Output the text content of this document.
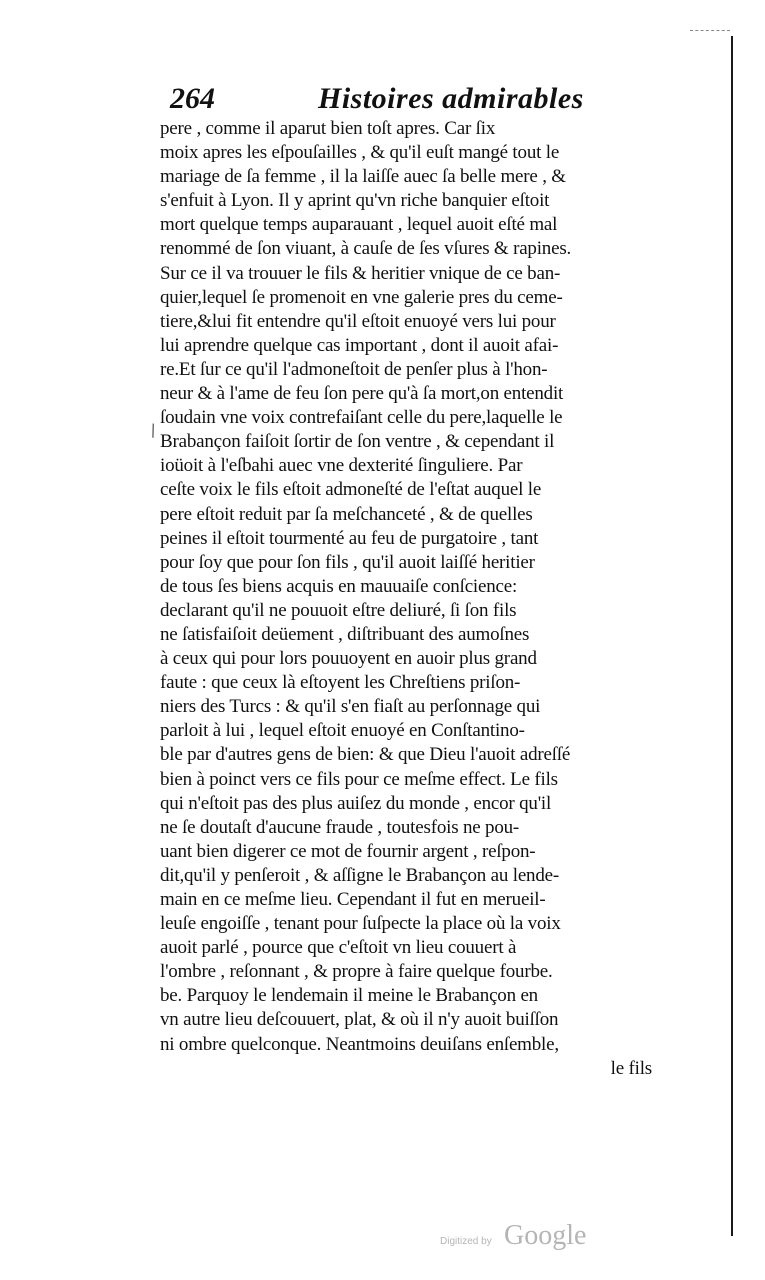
264	Histoires admirables
\
pere , comme il aparut bien toſt apres. Car ſix
moix apres les eſpouſailles , & qu'il euſt mangé tout le
mariage de ſa femme , il la laiſſe auec ſa belle mere , &
s'enfuit à Lyon. Il y aprint qu'vn riche banquier eſtoit
mort quelque temps auparauant , lequel auoit eſté mal
renommé de ſon viuant, à cauſe de ſes vſures & rapines.
Sur ce il va trouuer le fils & heritier vnique de ce ban-
quier,lequel ſe promenoit en vne galerie pres du ceme-
tiere,&lui fit entendre qu'il eſtoit enuoyé vers lui pour
lui aprendre quelque cas important , dont il auoit afai-
re.Et ſur ce qu'il l'admoneſtoit de penſer plus à l'hon-
neur & à l'ame de feu ſon pere qu'à ſa mort,on entendit
ſoudain vne voix contrefaiſant celle du pere,laquelle le
Brabançon faiſoit ſortir de ſon ventre , & cependant il
ioüoit à l'eſbahi auec vne dexterité ſinguliere. Par
ceſte voix le fils eſtoit admoneſté de l'eſtat auquel le
pere eſtoit reduit par ſa meſchanceté , & de quelles
peines il eſtoit tourmenté au feu de purgatoire , tant
pour ſoy que pour ſon fils , qu'il auoit laiſſé heritier
de tous ſes biens acquis en mauuaiſe conſcience:
declarant qu'il ne pouuoit eſtre deliuré, ſi ſon fils
ne ſatisfaiſoit deüement , diſtribuant des aumoſnes
à ceux qui pour lors pouuoyent en auoir plus grand
faute : que ceux là eſtoyent les Chreſtiens priſon-
niers des Turcs : & qu'il s'en fiaſt au perſonnage qui
parloit à lui , lequel eſtoit enuoyé en Conſtantino-
ble par d'autres gens de bien: & que Dieu l'auoit adreſſé
bien à poinct vers ce fils pour ce meſme effect. Le fils
qui n'eſtoit pas des plus auiſez du monde , encor qu'il
ne ſe doutaſt d'aucune fraude , toutesfois ne pou-
uant bien digerer ce mot de fournir argent , reſpon-
dit,qu'il y penſeroit , & aſſigne le Brabançon au lende-
main en ce meſme lieu. Cependant il fut en merueil-
leuſe engoiſſe , tenant pour ſuſpecte la place où la voix
auoit parlé , pource que c'eſtoit vn lieu couuert à
l'ombre , reſonnant , & propre à faire quelque fourbe.
be. Parquoy le lendemain il meine le Brabançon en
vn autre lieu deſcouuert, plat, & où il n'y auoit buiſſon
ni ombre quelconque. Neantmoins deuiſans enſemble,
le fils
Digitized by Google
